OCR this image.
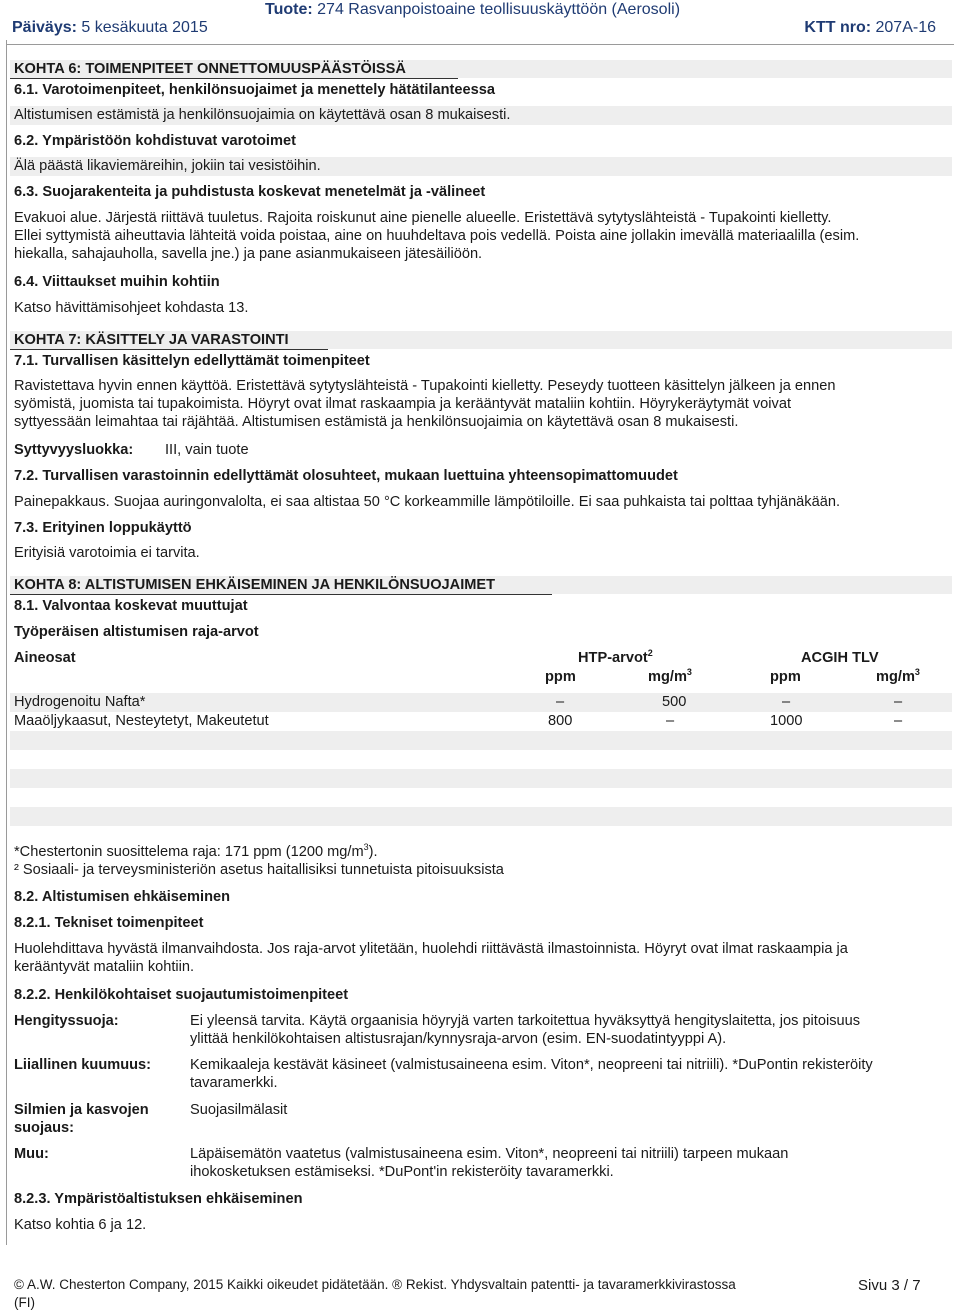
Tuote: 274 Rasvanpoistoaine teollisuuskäyttöön (Aerosoli)
Päiväys: 5 kesäkuuta 2015	KTT nro: 207A-16
KOHTA 6: TOIMENPITEET ONNETTOMUUSPÄÄSTÖISSÄ
6.1. Varotoimenpiteet, henkilönsuojaimet ja menettely hätätilanteessa
Altistumisen estämistä ja henkilönsuojaimia on käytettävä osan 8 mukaisesti.
6.2. Ympäristöön kohdistuvat varotoimet
Älä päästä likaviemäreihin, jokiin tai vesistöihin.
6.3. Suojarakenteita ja puhdistusta koskevat menetelmät ja -välineet
Evakuoi alue. Järjestä riittävä tuuletus. Rajoita roiskunut aine pienelle alueelle. Eristettävä sytytyslähteistä - Tupakointi kielletty.
Ellei syttymistä aiheuttavia lähteitä voida poistaa, aine on huuhdeltava pois vedellä. Poista aine jollakin imevällä materiaalilla (esim.
hiekalla, sahajauholla, savella jne.) ja pane asianmukaiseen jätesäiliöön.
6.4. Viittaukset muihin kohtiin
Katso hävittämisohjeet kohdasta 13.
KOHTA 7: KÄSITTELY JA VARASTOINTI
7.1. Turvallisen käsittelyn edellyttämät toimenpiteet
Ravistettava hyvin ennen käyttöä. Eristettävä sytytyslähteistä - Tupakointi kielletty. Peseydy tuotteen käsittelyn jälkeen ja ennen
syömistä, juomista tai tupakoimista. Höyryt ovat ilmat raskaampia ja kerääntyvät mataliin kohtiin. Höyrykeräytymät voivat
syttyessään leimahtaa tai räjähtää. Altistumisen estämistä ja henkilönsuojaimia on käytettävä osan 8 mukaisesti.
Syttyvyysluokka: III, vain tuote
7.2. Turvallisen varastoinnin edellyttämät olosuhteet, mukaan luettuina yhteensopimattomuudet
Painepakkaus. Suojaa auringonvalolta, ei saa altistaa 50 °C korkeammille lämpötiloille. Ei saa puhkaista tai polttaa tyhjänäkään.
7.3. Erityinen loppukäyttö
Erityisiä varotoimia ei tarvita.
KOHTA 8: ALTISTUMISEN EHKÄISEMINEN JA HENKILÖNSUOJAIMET
8.1. Valvontaa koskevat muuttujat
Työperäisen altistumisen raja-arvot
Aineosat	HTP-arvot$^2$	ACGIH TLV
ppm	$mg/m^3$	ppm	$mg/m^3$
Hydrogenoitu Nafta*	–	500	–	–
Maaöljykaasut, Nesteytetyt, Makeutetut	800	–	1000	–
*Chestertonin suosittelema raja: 171 ppm (1200 $mg/m^3$).
² Sosiaali- ja terveysministeriön asetus haitallisiksi tunnetuista pitoisuuksista
8.2. Altistumisen ehkäiseminen
8.2.1. Tekniset toimenpiteet
Huolehdittava hyvästä ilmanvaihdosta. Jos raja-arvot ylitetään, huolehdi riittävästä ilmastoinnista. Höyryt ovat ilmat raskaampia ja
kerääntyvät mataliin kohtiin.
8.2.2. Henkilökohtaiset suojautumistoimenpiteet
Hengityssuoja:	Ei yleensä tarvita. Käytä orgaanisia höyryjä varten tarkoitettua hyväksyttyä hengityslaitetta, jos pitoisuus
ylittää henkilökohtaisen altistusrajan/kynnysraja-arvon (esim. EN-suodatintyyppi A).
Liiallinen kuumuus:	Kemikaaleja kestävät käsineet (valmistusaineena esim. Viton*, neopreeni tai nitriili). *DuPontin rekisteröity
tavaramerkki.
Silmien ja kasvojen
suojaus:
Suojasilmälasit
Muu:	Läpäisemätön vaatetus (valmistusaineena esim. Viton*, neopreeni tai nitriili) tarpeen mukaan
ihokosketuksen estämiseksi. *DuPont'in rekisteröity tavaramerkki.
8.2.3. Ympäristöaltistuksen ehkäiseminen
Katso kohtia 6 ja 12.
© A.W. Chesterton Company, 2015 Kaikki oikeudet pidätetään. ® Rekist. Yhdysvaltain patentti- ja tavaramerkkivirastossa
(FI)
Sivu 3 / 7
